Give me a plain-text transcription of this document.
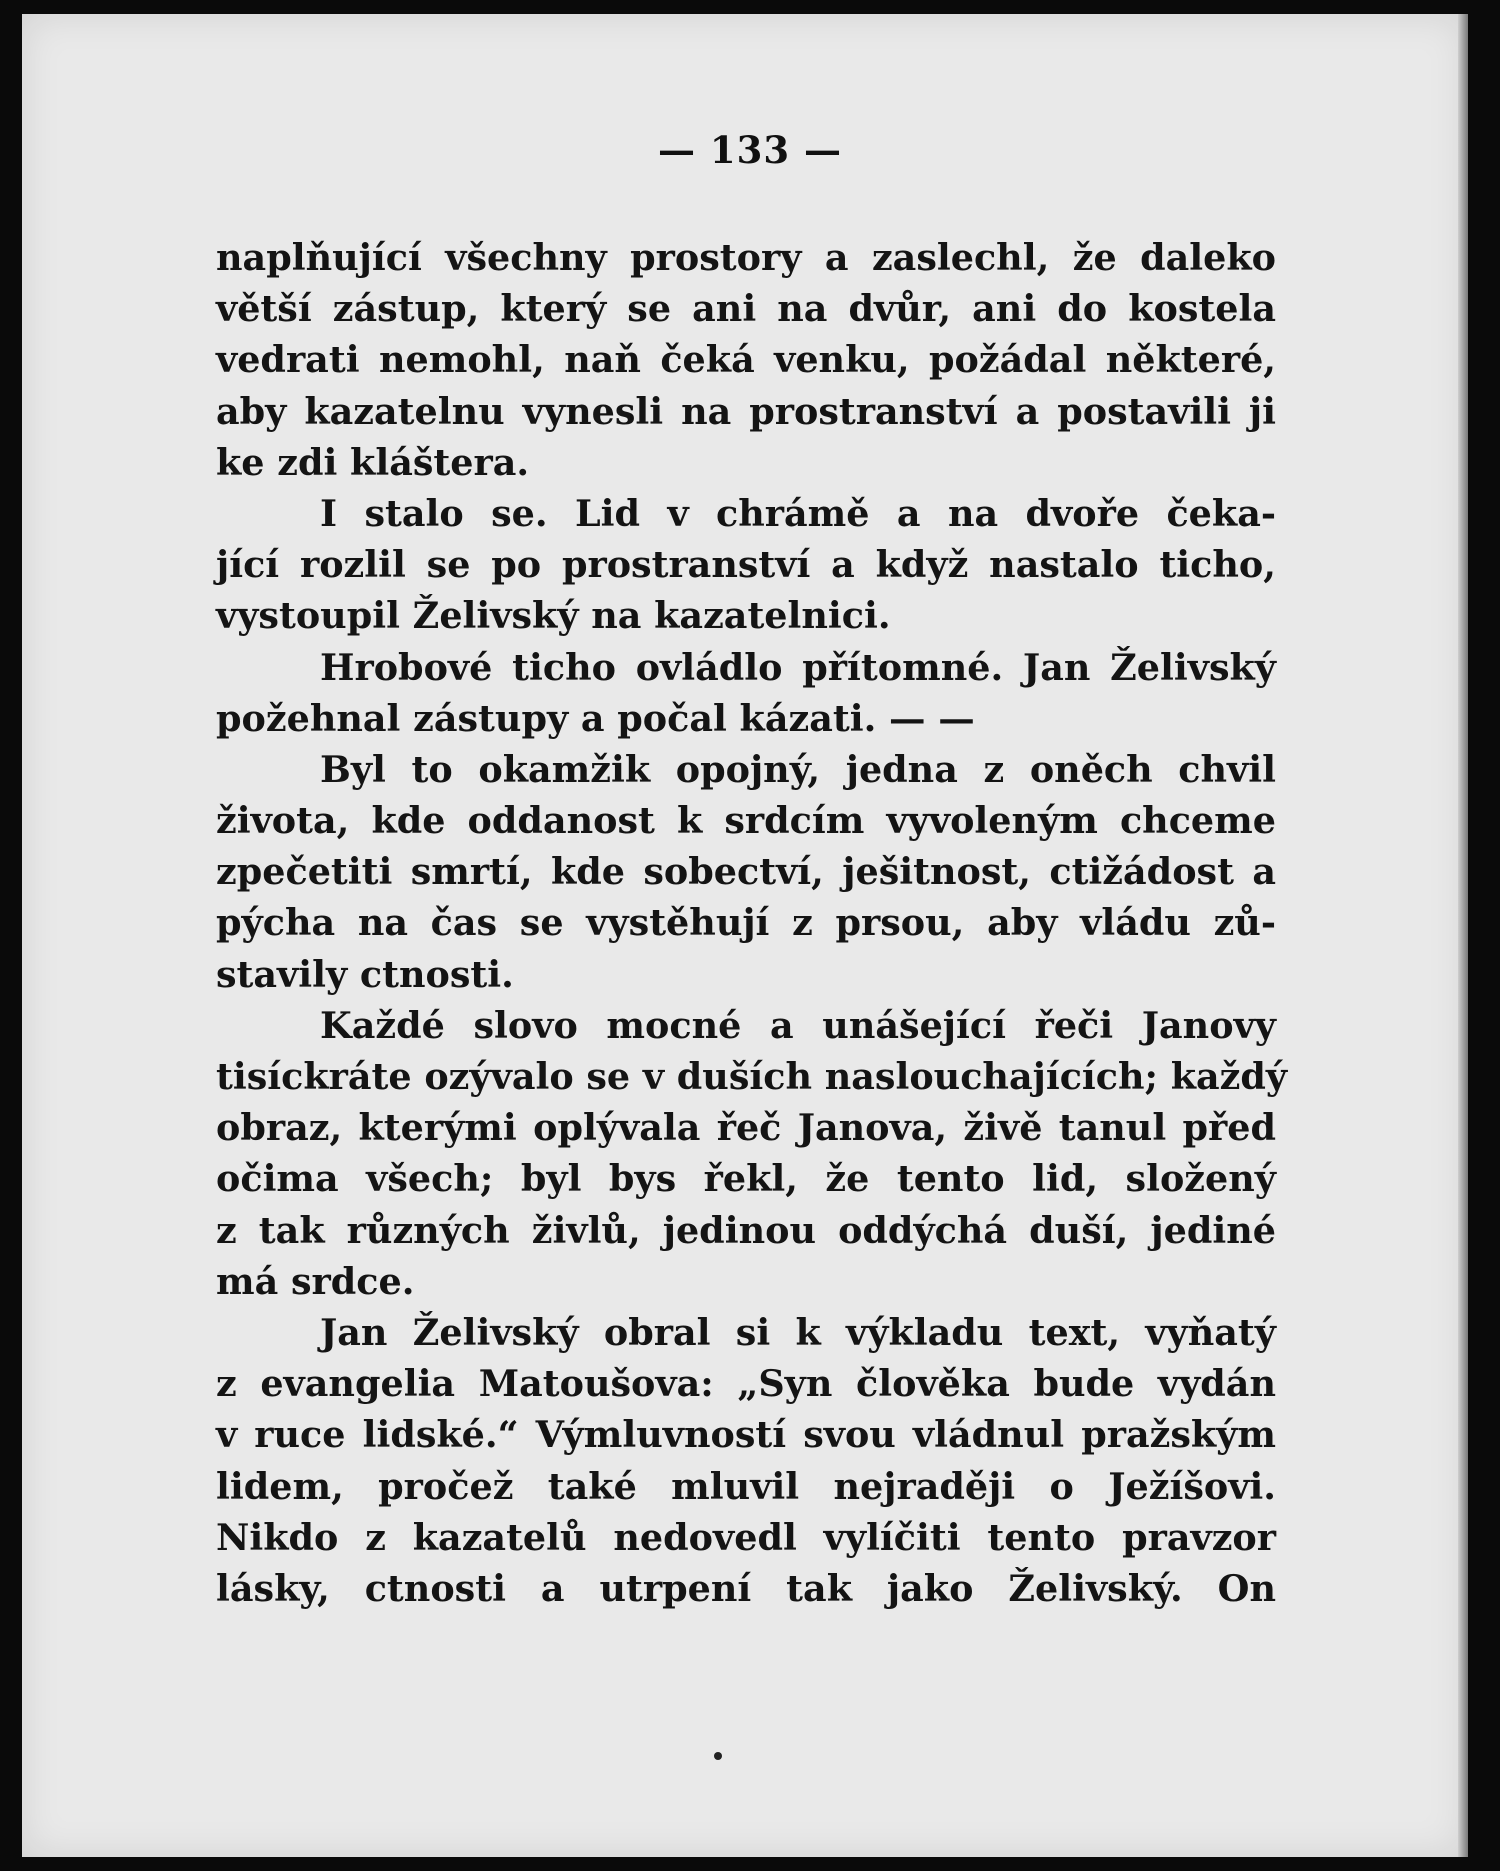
— 133 —
naplňující všechny prostory a zaslechl, že daleko
větší zástup, který se ani na dvůr, ani do kostela
vedrati nemohl, naň čeká venku, požádal některé,
aby kazatelnu vynesli na prostranství a postavili ji
ke zdi kláštera.
I stalo se. Lid v chrámě a na dvoře čeka-
jící rozlil se po prostranství a když nastalo ticho,
vystoupil Želivský na kazatelnici.
Hrobové ticho ovládlo přítomné. Jan Želivský
požehnal zástupy a počal kázati. — —
Byl to okamžik opojný, jedna z oněch chvil
života, kde oddanost k srdcím vyvoleným chceme
zpečetiti smrtí, kde sobectví, ješitnost, ctižádost a
pýcha na čas se vystěhují z prsou, aby vládu zů-
stavily ctnosti.
Každé slovo mocné a unášející řeči Janovy
tisíckráte ozývalo se v duších naslouchajících; každý
obraz, kterými oplývala řeč Janova, živě tanul před
očima všech; byl bys řekl, že tento lid, složený
z tak různých živlů, jedinou oddýchá duší, jediné
má srdce.
Jan Želivský obral si k výkladu text, vyňatý
z evangelia Matoušova: „Syn člověka bude vydán
v ruce lidské.“ Výmluvností svou vládnul pražským
lidem, pročež také mluvil nejraději o Ježíšovi.
Nikdo z kazatelů nedovedl vylíčiti tento pravzor
lásky, ctnosti a utrpení tak jako Želivský. On
